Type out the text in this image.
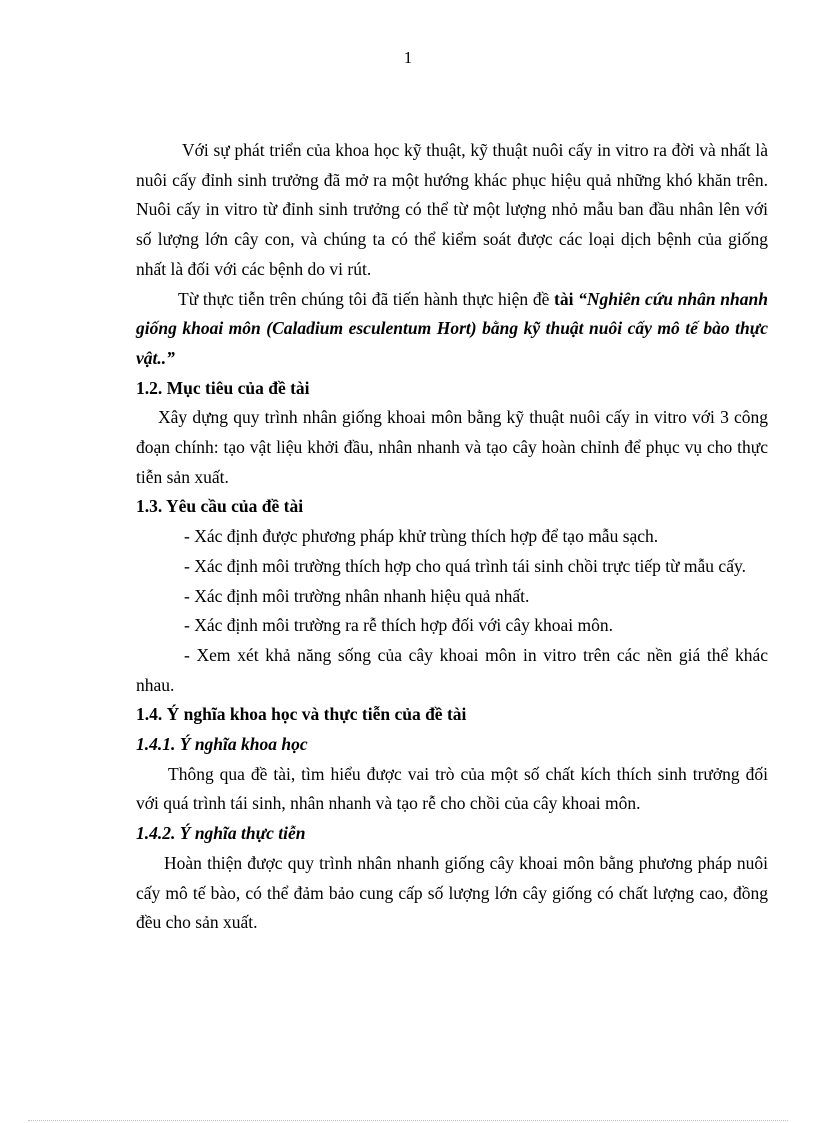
1

Với sự phát triển của khoa học kỹ thuật, kỹ thuật nuôi cấy in vitro ra đời và nhất là nuôi cấy đỉnh sinh trưởng đã mở ra một hướng khác phục hiệu quả những khó khăn trên. Nuôi cấy in vitro từ đỉnh sinh trưởng có thể từ một lượng nhỏ mẫu ban đầu nhân lên với số lượng lớn cây con, và chúng ta có thể kiểm soát được các loại dịch bệnh của giống nhất là đối với các bệnh do vi rút.

Từ thực tiễn trên chúng tôi đã tiến hành thực hiện đề tài “Nghiên cứu nhân nhanh giống khoai môn (Caladium esculentum Hort) bằng kỹ thuật nuôi cấy mô tế bào thực vật..”

1.2. Mục tiêu của đề tài

Xây dựng quy trình nhân giống khoai môn bằng kỹ thuật nuôi cấy in vitro với 3 công đoạn chính: tạo vật liệu khởi đầu, nhân nhanh và tạo cây hoàn chỉnh để phục vụ cho thực tiễn sản xuất.

1.3. Yêu cầu của đề tài

- Xác định được phương pháp khử trùng thích hợp để tạo mẫu sạch.

- Xác định môi trường thích hợp cho quá trình tái sinh chồi trực tiếp từ mẫu cấy.

- Xác định môi trường nhân nhanh hiệu quả nhất.

- Xác định môi trường ra rễ thích hợp đối với cây khoai môn.

- Xem xét khả năng sống của cây khoai môn in vitro trên các nền giá thể khác nhau.

1.4. Ý nghĩa khoa học và thực tiễn của đề tài

1.4.1. Ý nghĩa khoa học

Thông qua đề tài, tìm hiểu được vai trò của một số chất kích thích sinh trưởng đối với quá trình tái sinh, nhân nhanh và tạo rễ cho chồi của cây khoai môn.

1.4.2. Ý nghĩa thực tiễn

Hoàn thiện được quy trình nhân nhanh giống cây khoai môn bằng phương pháp nuôi cấy mô tế bào, có thể đảm bảo cung cấp số lượng lớn cây giống có chất lượng cao, đồng đều cho sản xuất.
